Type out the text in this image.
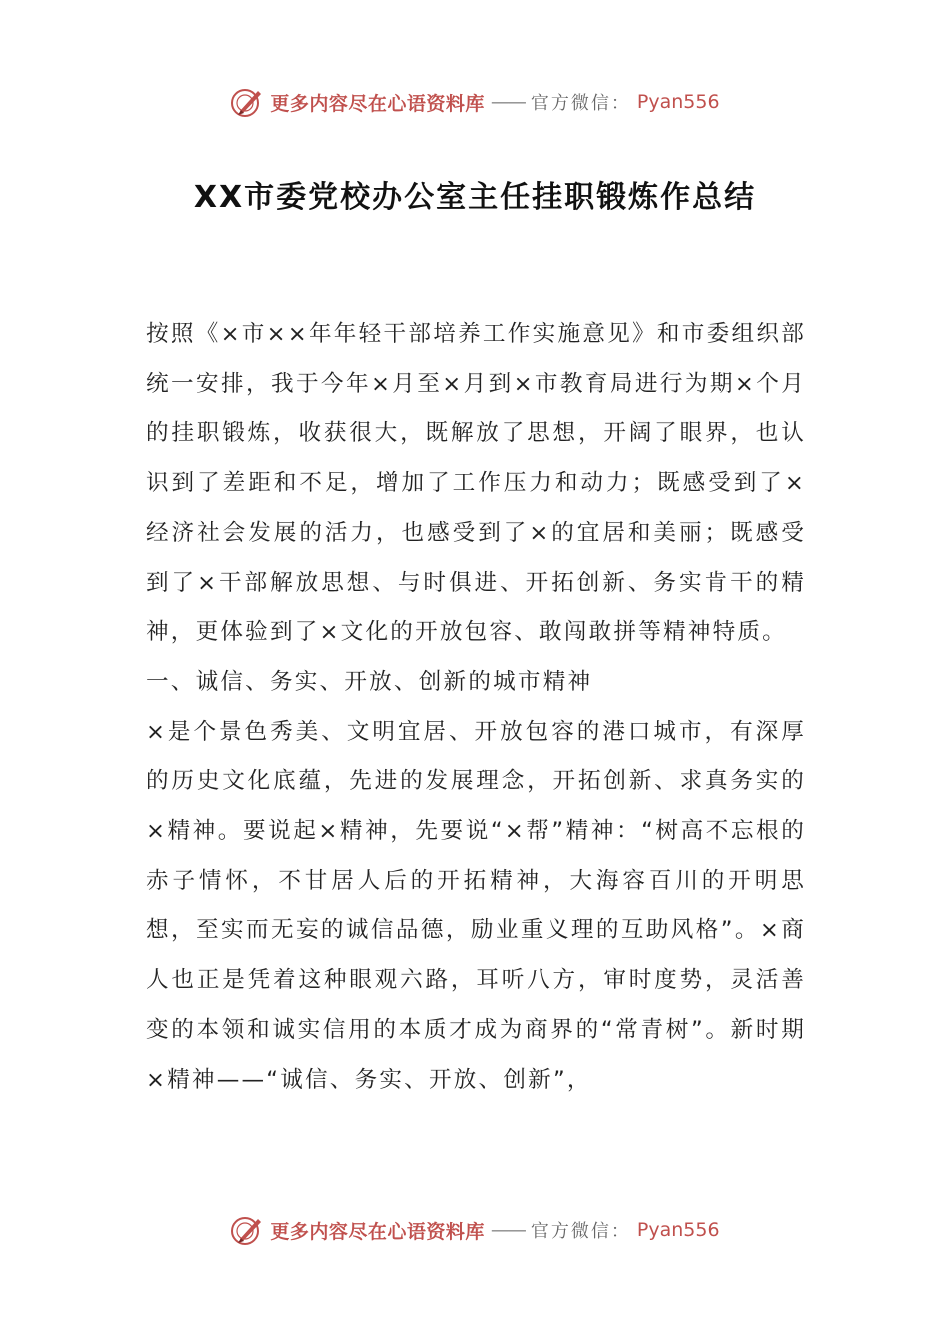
更多内容尽在心语资料库 —— 官方微信： Pyan556
XX市委党校办公室主任挂职锻炼作总结

按照《×市××年年轻干部培养工作实施意见》和市委组织部统一安排，我于今年×月至×月到×市教育局进行为期×个月的挂职锻炼，收获很大，既解放了思想，开阔了眼界，也认识到了差距和不足，增加了工作压力和动力；既感受到了×经济社会发展的活力，也感受到了×的宜居和美丽；既感受到了×干部解放思想、与时俱进、开拓创新、务实肯干的精神，更体验到了×文化的开放包容、敢闯敢拼等精神特质。

一、诚信、务实、开放、创新的城市精神

×是个景色秀美、文明宜居、开放包容的港口城市，有深厚的历史文化底蕴，先进的发展理念，开拓创新、求真务实的×精神。要说起×精神，先要说“×帮”精神：“树高不忘根的赤子情怀，不甘居人后的开拓精神，大海容百川的开明思想，至实而无妄的诚信品德，励业重义理的互助风格”。×商人也正是凭着这种眼观六路，耳听八方，审时度势，灵活善变的本领和诚实信用的本质才成为商界的“常青树”。新时期×精神——“诚信、务实、开放、创新”，

更多内容尽在心语资料库 —— 官方微信： Pyan556
